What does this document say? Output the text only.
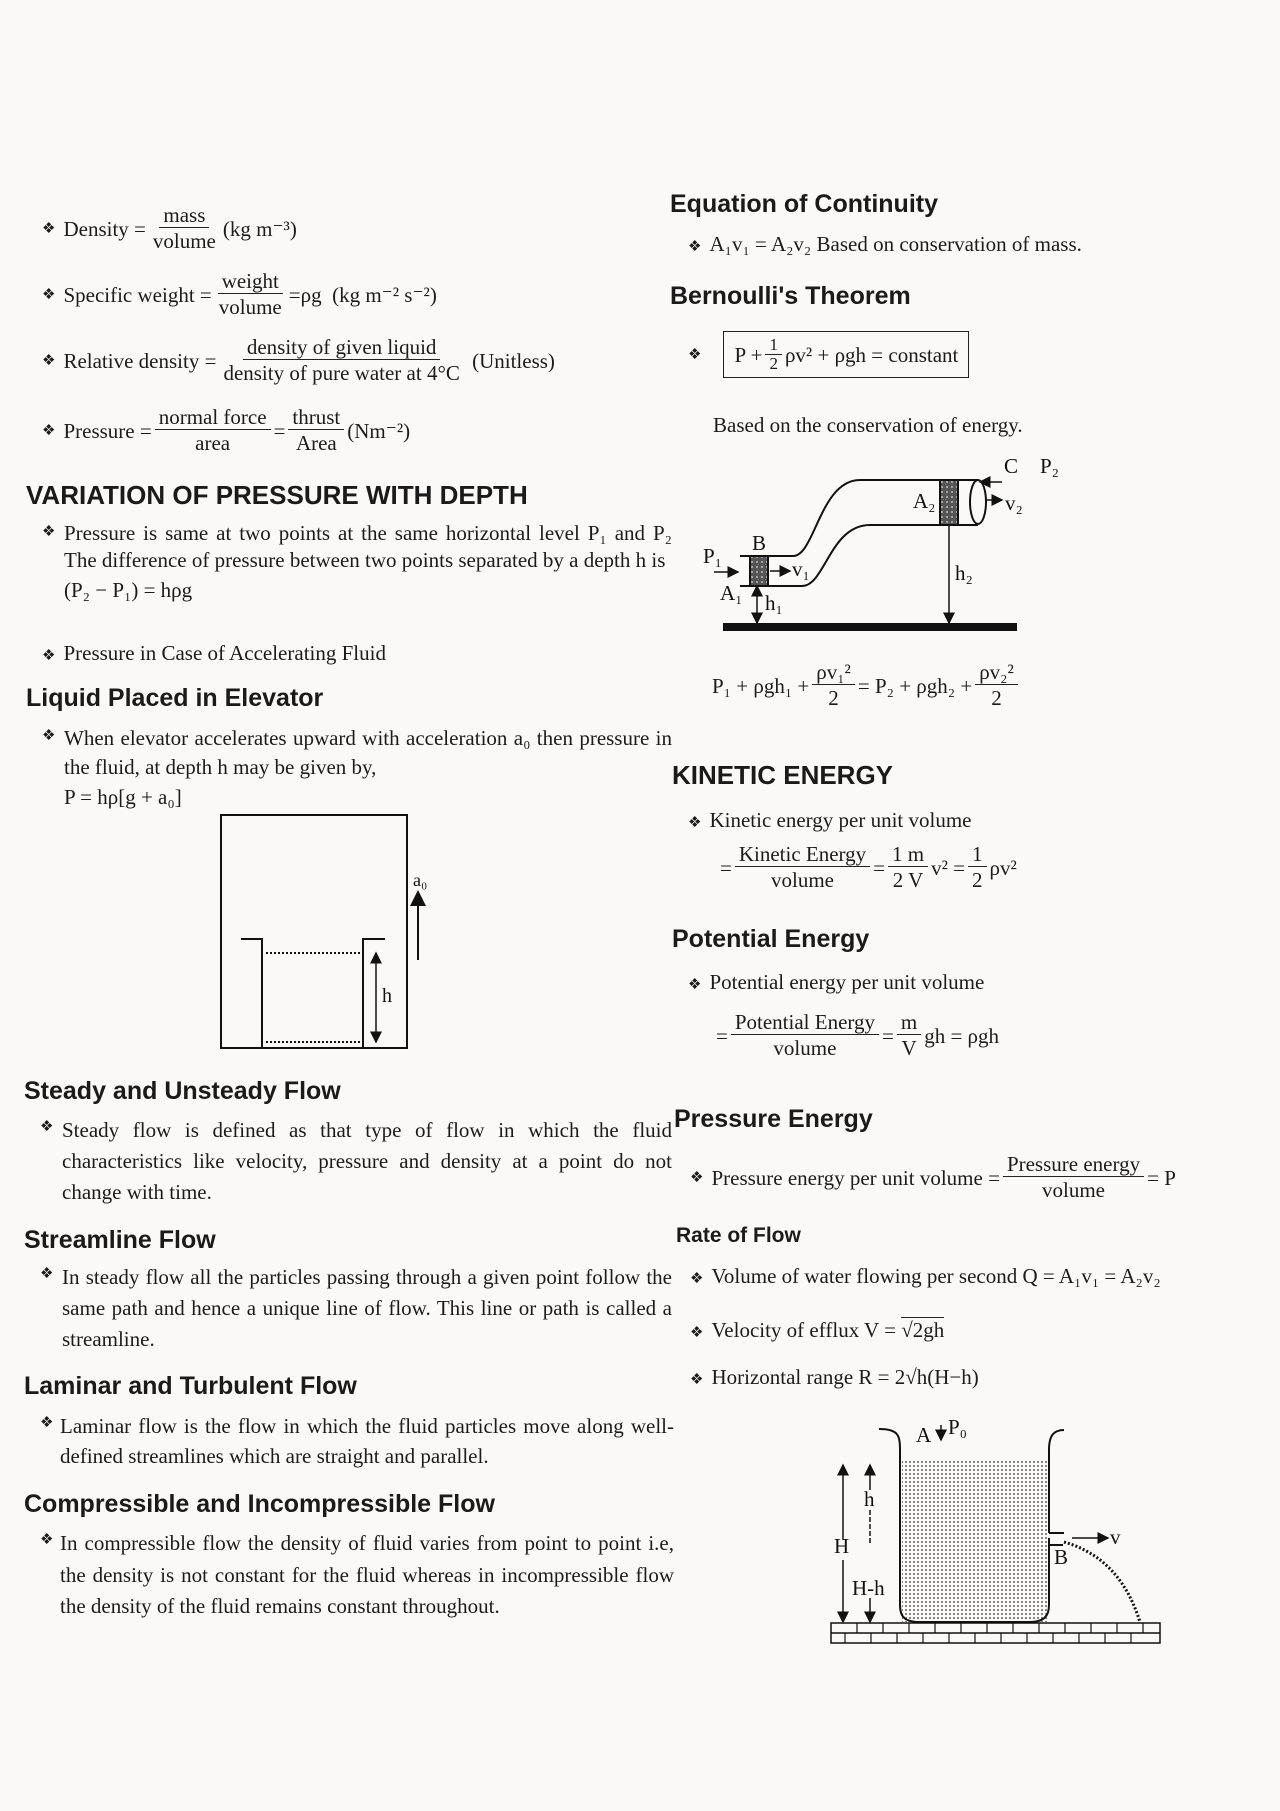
❖ Density
= $\frac{\text{mass}}{\text{volume}} (kg$ m⁻³)
❖ Specific weight
= $\frac{\text{weight}}{\text{volume}} =\rho g$
(kg m⁻² s⁻²)
❖ Relative density
= $\frac{\text{density of given liquid}}{\text{density of pure water at 4°C}}$
(Unitless)
❖ Pressure
= $\frac{\text{normal force}}{\text{area}} = \frac{\text{thrust}}{\text{Area}} (Nm^{-2})$
VARIATION OF PRESSURE WITH DEPTH
❖ Pressure is same at two points at the same horizontal level P₁ and P₂ The difference of pressure between two points separated by a depth h is
(P₂ − P₁) = hρg
❖ Pressure in Case of Accelerating Fluid
Liquid Placed in Elevator
❖ When elevator accelerates upward with acceleration a₀ then pressure in the fluid, at depth h may be given by,
P = hρ[g + a₀]
Steady and Unsteady Flow
❖ Steady flow is defined as that type of flow in which the fluid characteristics like velocity, pressure and density at a point do not change with time.
Streamline Flow
❖ In steady flow all the particles passing through a given point follow the same path and hence a unique line of flow. This line or path is called a streamline.
Laminar and Turbulent Flow
❖ Laminar flow is the flow in which the fluid particles move along well-defined streamlines which are straight and parallel.
Compressible and Incompressible Flow
❖ In compressible flow the density of fluid varies from point to point i.e, the density is not constant for the fluid whereas in incompressible flow the density of the fluid remains constant throughout.
Equation of Continuity
❖ A₁v₁ = A₂v₂ Based on conservation of mass.
Bernoulli's Theorem
❖ $P + \frac{1}{2} \rho v^2 + \rho gh$ = constant
Based on the conservation of energy.
$P_1 + \rho gh_1 + \frac{\text{ρv₁²}}{2} = P_2 + \rho gh_2 + \frac{\text{ρv₂²}}{2}$
KINETIC ENERGY
❖ Kinetic energy per unit volume
= $\frac{\text{Kinetic Energy}}{\text{volume}} = \frac{1 m}{2 V} v^2$
= $\frac{1}{2} \rho v^2$
Potential Energy
❖ Potential energy per unit volume
= $\frac{\text{Potential Energy}}{\text{volume}} = \frac{m}{V}$ gh = ρgh
Pressure Energy
❖ Pressure energy per unit volume
= $\frac{\text{Pressure energy}}{\text{volume}} = P$
Rate of Flow
❖ Volume of water flowing per second Q = A₁v₁ = A₂v₂
❖ Velocity of efflux V = √2gh
❖ Horizontal range R = 2√h(H−h)
h
a₀
C P₂
A₂	v₂
B
P₁
v₁
A₁ h₁
h₂
A P₀
h
H
H-h
B
v
